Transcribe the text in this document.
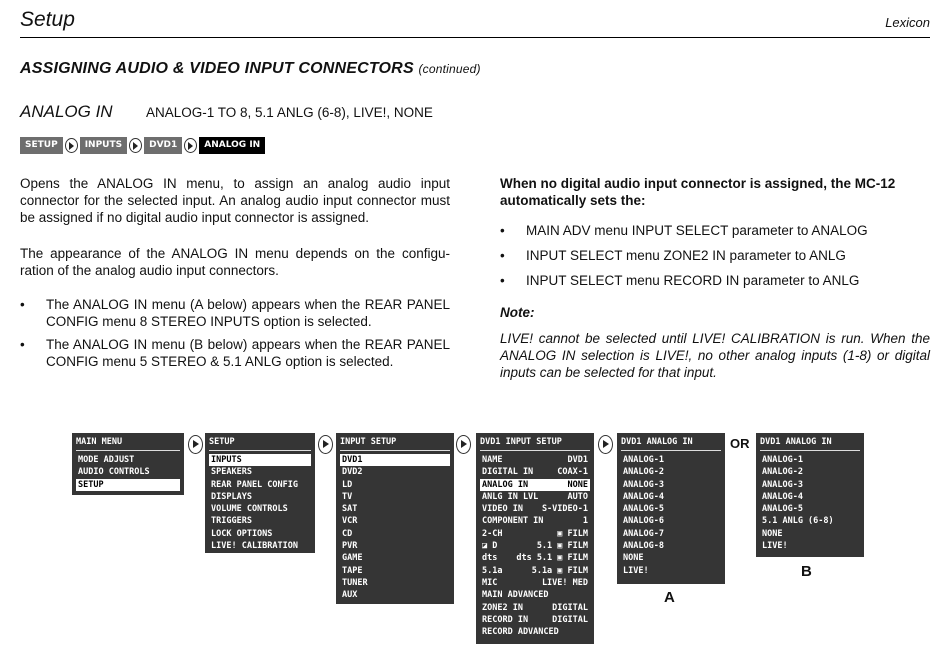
Setup	Lexicon
ASSIGNING AUDIO & VIDEO INPUT CONNECTORS (continued)
ANALOG IN ANALOG-1 TO 8, 5.1 ANLG (6-8), LIVE!, NONE
SETUP	INPUTS	DVD1	ANALOG IN
Opens the ANALOG IN menu, to assign an analog audio input connector for the selected input. An analog audio input connector must be assigned if no digital audio input connector is assigned.
The appearance of the ANALOG IN menu depends on the configu-ration of the analog audio input connectors.
•	The ANALOG IN menu (A below) appears when the REAR PANEL CONFIG menu 8 STEREO INPUTS option is selected.
•	The ANALOG IN menu (B below) appears when the REAR PANEL CONFIG menu 5 STEREO & 5.1 ANLG option is selected.
When no digital audio input connector is assigned, the MC-12 automatically sets the:
•	MAIN ADV menu INPUT SELECT parameter to ANALOG
•	INPUT SELECT menu ZONE2 IN parameter to ANLG
•	INPUT SELECT menu RECORD IN parameter to ANLG
Note:
LIVE! cannot be selected until LIVE! CALIBRATION is run. When the ANALOG IN selection is LIVE!, no other analog inputs (1-8) or digital inputs can be selected for that input.
MAIN MENU
MODE ADJUST
AUDIO CONTROLS
SETUP
SETUP
INPUTS
SPEAKERS
REAR PANEL CONFIG
DISPLAYS
VOLUME CONTROLS
TRIGGERS
LOCK OPTIONS
LIVE! CALIBRATION
INPUT SETUP
DVD1
DVD2
LD
TV
SAT
VCR
CD
PVR
GAME
TAPE
TUNER
AUX
DVD1 INPUT SETUP
NAME	DVD1
DIGITAL IN	COAX-1
ANALOG IN	NONE
ANLG IN LVL	AUTO
VIDEO IN S-VIDEO-1
COMPONENT IN	1
2-CH	▣ FILM
◪ D	5.1 ▣ FILM
dts dts 5.1 ▣ FILM
5.1a	5.1a ▣ FILM
MIC	LIVE! MED
MAIN ADVANCED
ZONE2 IN	DIGITAL
RECORD IN	DIGITAL
RECORD ADVANCED
DVD1 ANALOG IN
ANALOG-1
ANALOG-2
ANALOG-3
ANALOG-4
ANALOG-5
ANALOG-6
ANALOG-7
ANALOG-8
NONE
LIVE!
A
OR DVD1 ANALOG IN
ANALOG-1
ANALOG-2
ANALOG-3
ANALOG-4
ANALOG-5
5.1 ANLG (6-8)
NONE
LIVE!
B
